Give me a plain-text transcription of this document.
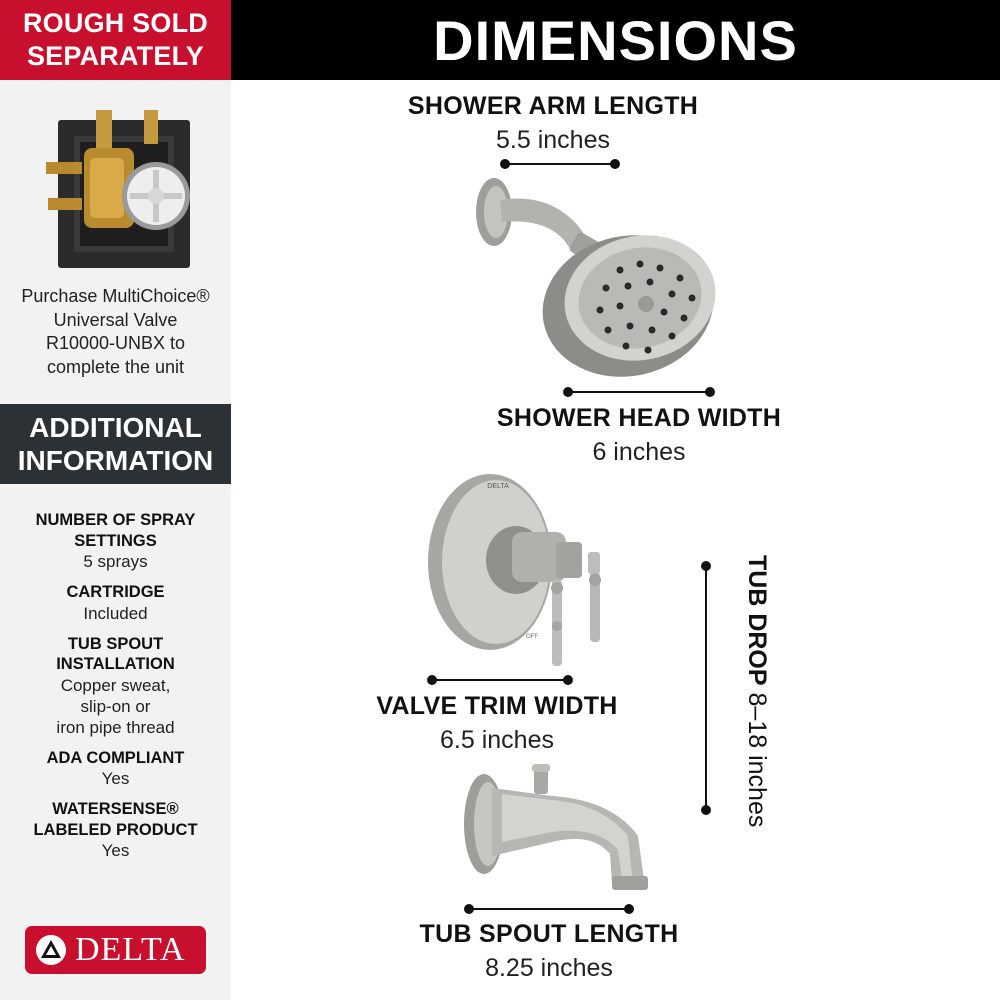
ROUGH SOLD
SEPARATELY
Purchase MultiChoice®
Universal Valve
R10000-UNBX to
complete the unit
ADDITIONAL
INFORMATION
NUMBER OF SPRAY
SETTINGS
5 sprays
CARTRIDGE
Included
TUB SPOUT
INSTALLATION
Copper sweat,
slip-on or
iron pipe thread
ADA COMPLIANT
Yes
WATERSENSE®
LABELED PRODUCT
Yes
DELTA
DIMENSIONS
SHOWER ARM LENGTH
5.5 inches
SHOWER HEAD WIDTH
6 inches
DELTA
OFF
VALVE TRIM WIDTH
6.5 inches
TUB DROP 8–18 inches
TUB SPOUT LENGTH
8.25 inches
